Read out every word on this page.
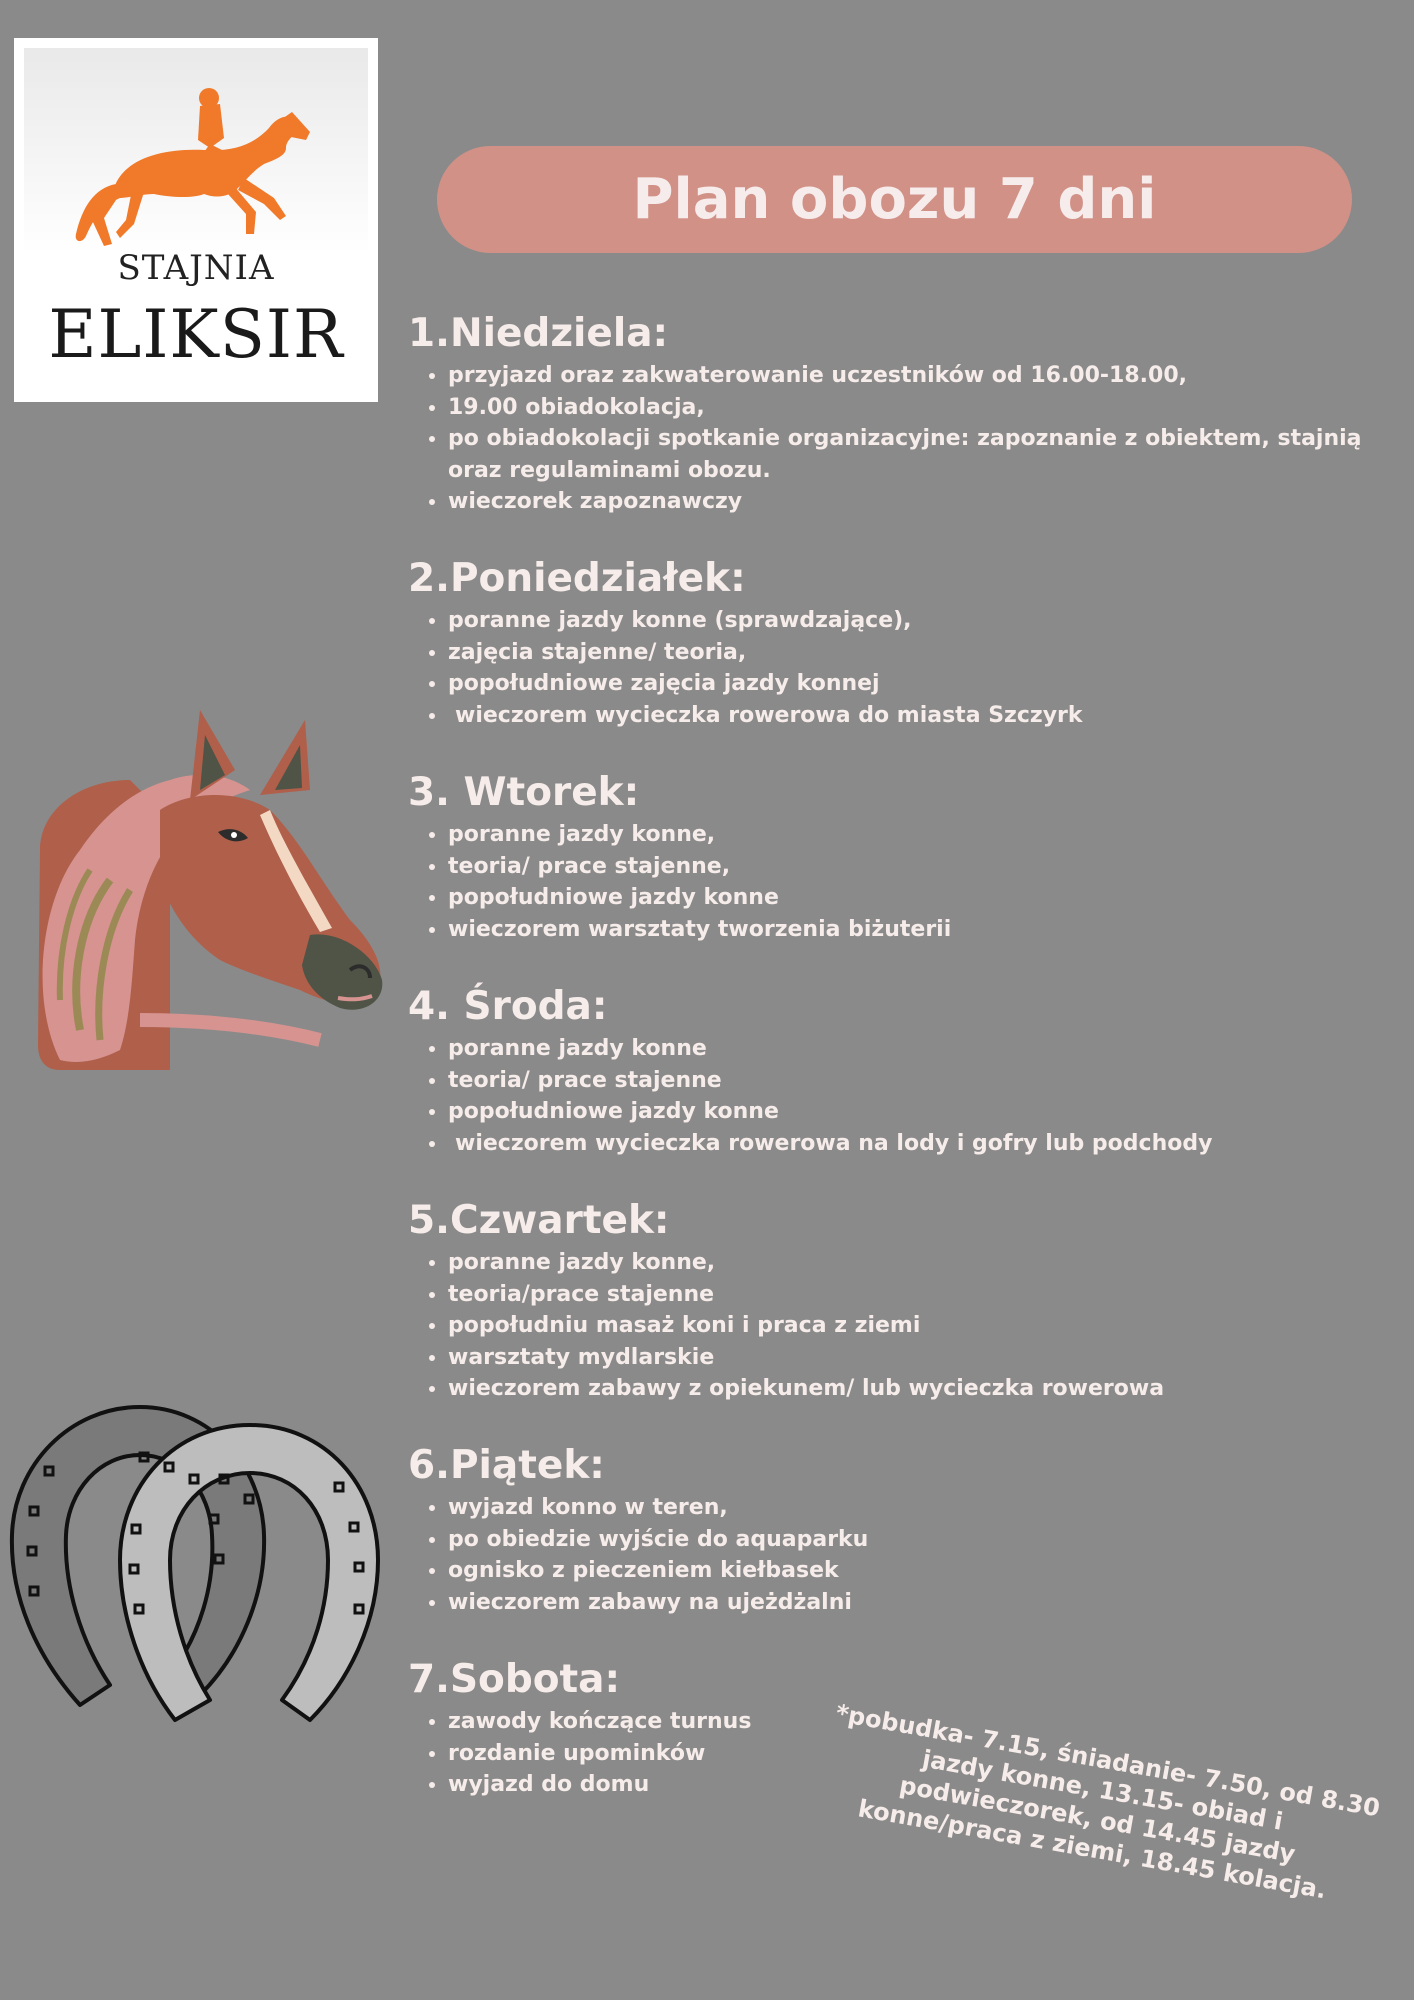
STAJNIA
ELIKSIR
Plan obozu 7 dni
1.Niedziela:
• przyjazd oraz zakwaterowanie uczestników od 16.00-18.00,
• 19.00 obiadokolacja,
• po obiadokolacji spotkanie organizacyjne: zapoznanie z obiektem, stajnią oraz regulaminami obozu.
• wieczorek zapoznawczy
2.Poniedziałek:
• poranne jazdy konne (sprawdzające),
• zajęcia stajenne/ teoria,
• popołudniowe zajęcia jazdy konnej
• wieczorem wycieczka rowerowa do miasta Szczyrk
3. Wtorek:
• poranne jazdy konne,
• teoria/ prace stajenne,
• popołudniowe jazdy konne
• wieczorem warsztaty tworzenia biżuterii
4. Środa:
• poranne jazdy konne
• teoria/ prace stajenne
• popołudniowe jazdy konne
• wieczorem wycieczka rowerowa na lody i gofry lub podchody
5.Czwartek:
• poranne jazdy konne,
• teoria/prace stajenne
• popołudniu masaż koni i praca z ziemi
• warsztaty mydlarskie
• wieczorem zabawy z opiekunem/ lub wycieczka rowerowa
6.Piątek:
• wyjazd konno w teren,
• po obiedzie wyjście do aquaparku
• ognisko z pieczeniem kiełbasek
• wieczorem zabawy na ujeżdżalni
7.Sobota:
• zawody kończące turnus
• rozdanie upominków
• wyjazd do domu	*pobudka- 7.15, śniadanie- 7.50, od 8.30 jazdy konne, 13.15- obiad i podwieczorek, od 14.45 jazdy konne/praca z ziemi, 18.45 kolacja.
